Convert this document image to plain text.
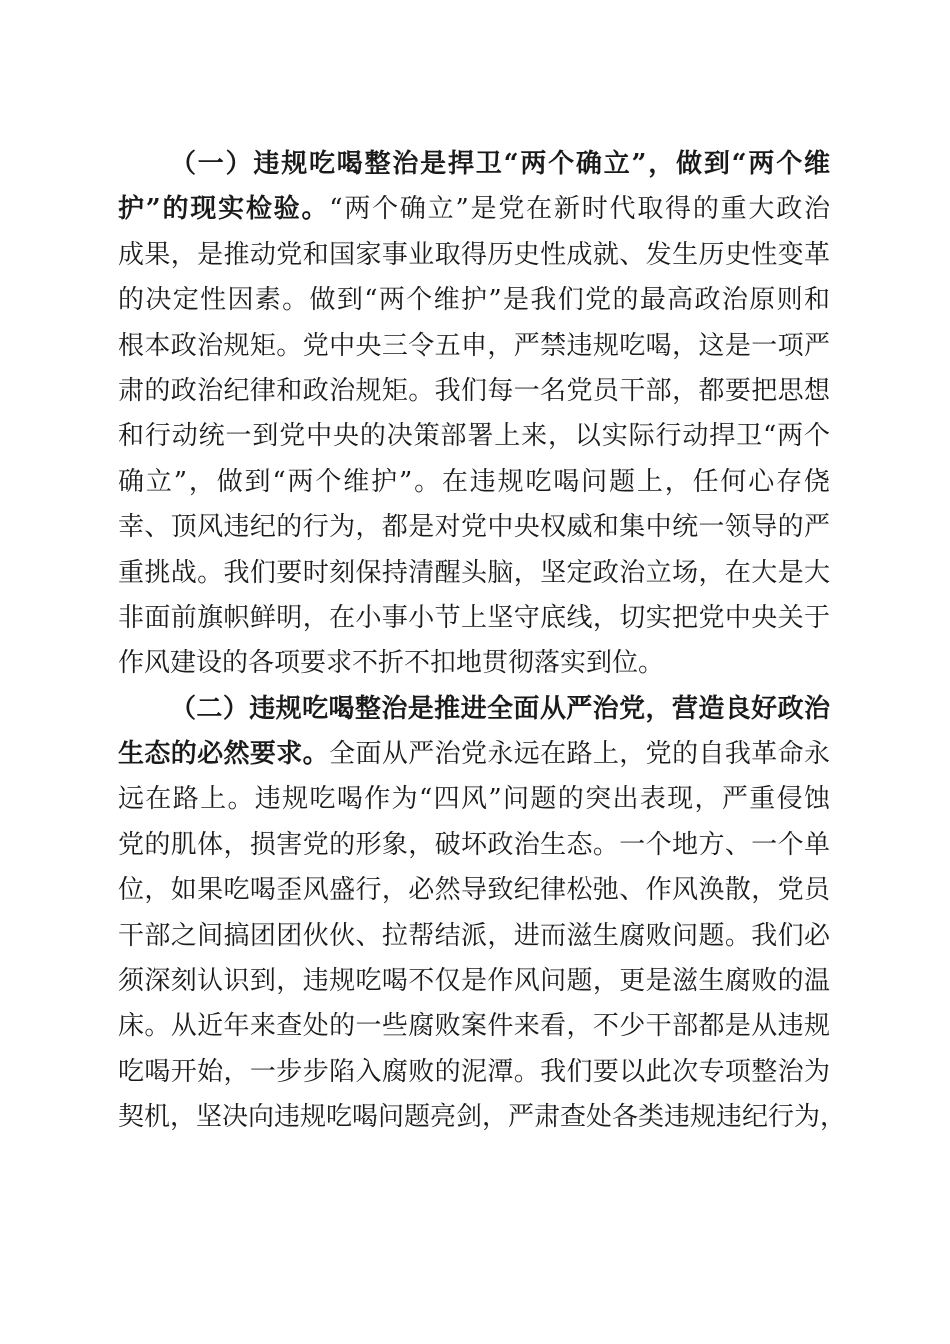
（一）违规吃喝整治是捍卫“两个确立”，做到“两个维
护”的现实检验。“两个确立”是党在新时代取得的重大政治
成果，是推动党和国家事业取得历史性成就、发生历史性变革
的决定性因素。做到“两个维护”是我们党的最高政治原则和
根本政治规矩。党中央三令五申，严禁违规吃喝，这是一项严
肃的政治纪律和政治规矩。我们每一名党员干部，都要把思想
和行动统一到党中央的决策部署上来，以实际行动捍卫“两个
确立”，做到“两个维护”。在违规吃喝问题上，任何心存侥
幸、顶风违纪的行为，都是对党中央权威和集中统一领导的严
重挑战。我们要时刻保持清醒头脑，坚定政治立场，在大是大
非面前旗帜鲜明，在小事小节上坚守底线，切实把党中央关于
作风建设的各项要求不折不扣地贯彻落实到位。
（二）违规吃喝整治是推进全面从严治党，营造良好政治
生态的必然要求。全面从严治党永远在路上，党的自我革命永
远在路上。违规吃喝作为“四风”问题的突出表现，严重侵蚀
党的肌体，损害党的形象，破坏政治生态。一个地方、一个单
位，如果吃喝歪风盛行，必然导致纪律松弛、作风涣散，党员
干部之间搞团团伙伙、拉帮结派，进而滋生腐败问题。我们必
须深刻认识到，违规吃喝不仅是作风问题，更是滋生腐败的温
床。从近年来查处的一些腐败案件来看，不少干部都是从违规
吃喝开始，一步步陷入腐败的泥潭。我们要以此次专项整治为
契机，坚决向违规吃喝问题亮剑，严肃查处各类违规违纪行为，
